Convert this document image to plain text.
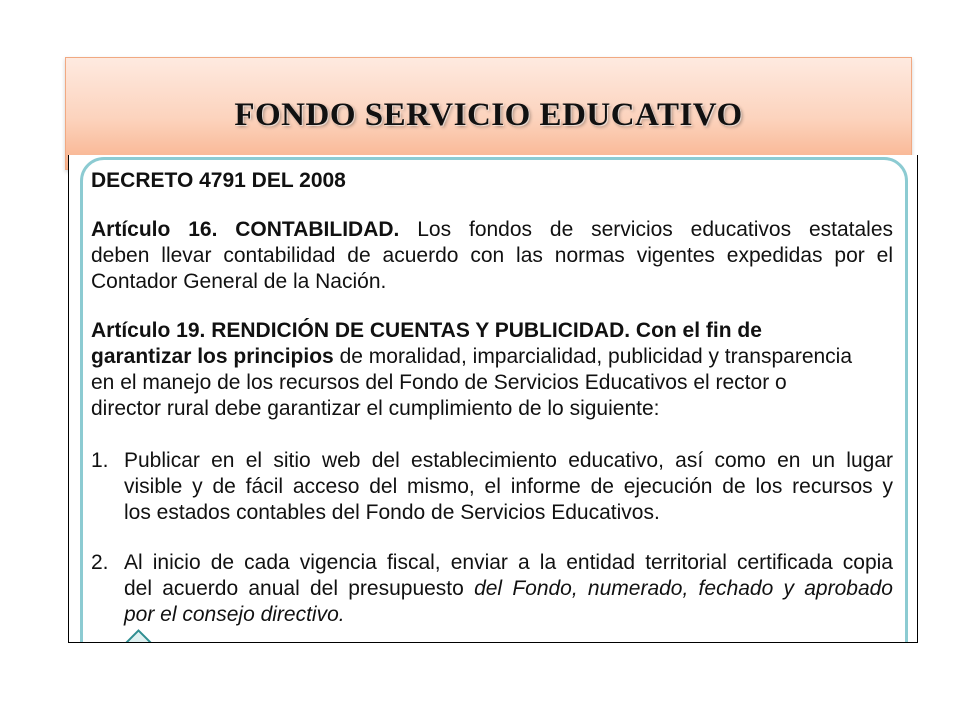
FONDO SERVICIO EDUCATIVO
DECRETO 4791 DEL 2008
Artículo 16. CONTABILIDAD. Los fondos de servicios educativos estatales
deben llevar contabilidad de acuerdo con las normas vigentes expedidas por el
Contador General de la Nación.
Artículo 19. RENDICIÓN DE CUENTAS Y PUBLICIDAD. Con el fin de
garantizar los principios de moralidad, imparcialidad, publicidad y transparencia
en el manejo de los recursos del Fondo de Servicios Educativos el rector o
director rural debe garantizar el cumplimiento de lo siguiente:
1. Publicar en el sitio web del establecimiento educativo, así como en un lugar
visible y de fácil acceso del mismo, el informe de ejecución de los recursos y
los estados contables del Fondo de Servicios Educativos.
2. Al inicio de cada vigencia fiscal, enviar a la entidad territorial certificada copia
del acuerdo anual del presupuesto del Fondo, numerado, fechado y aprobado
por el consejo directivo.
